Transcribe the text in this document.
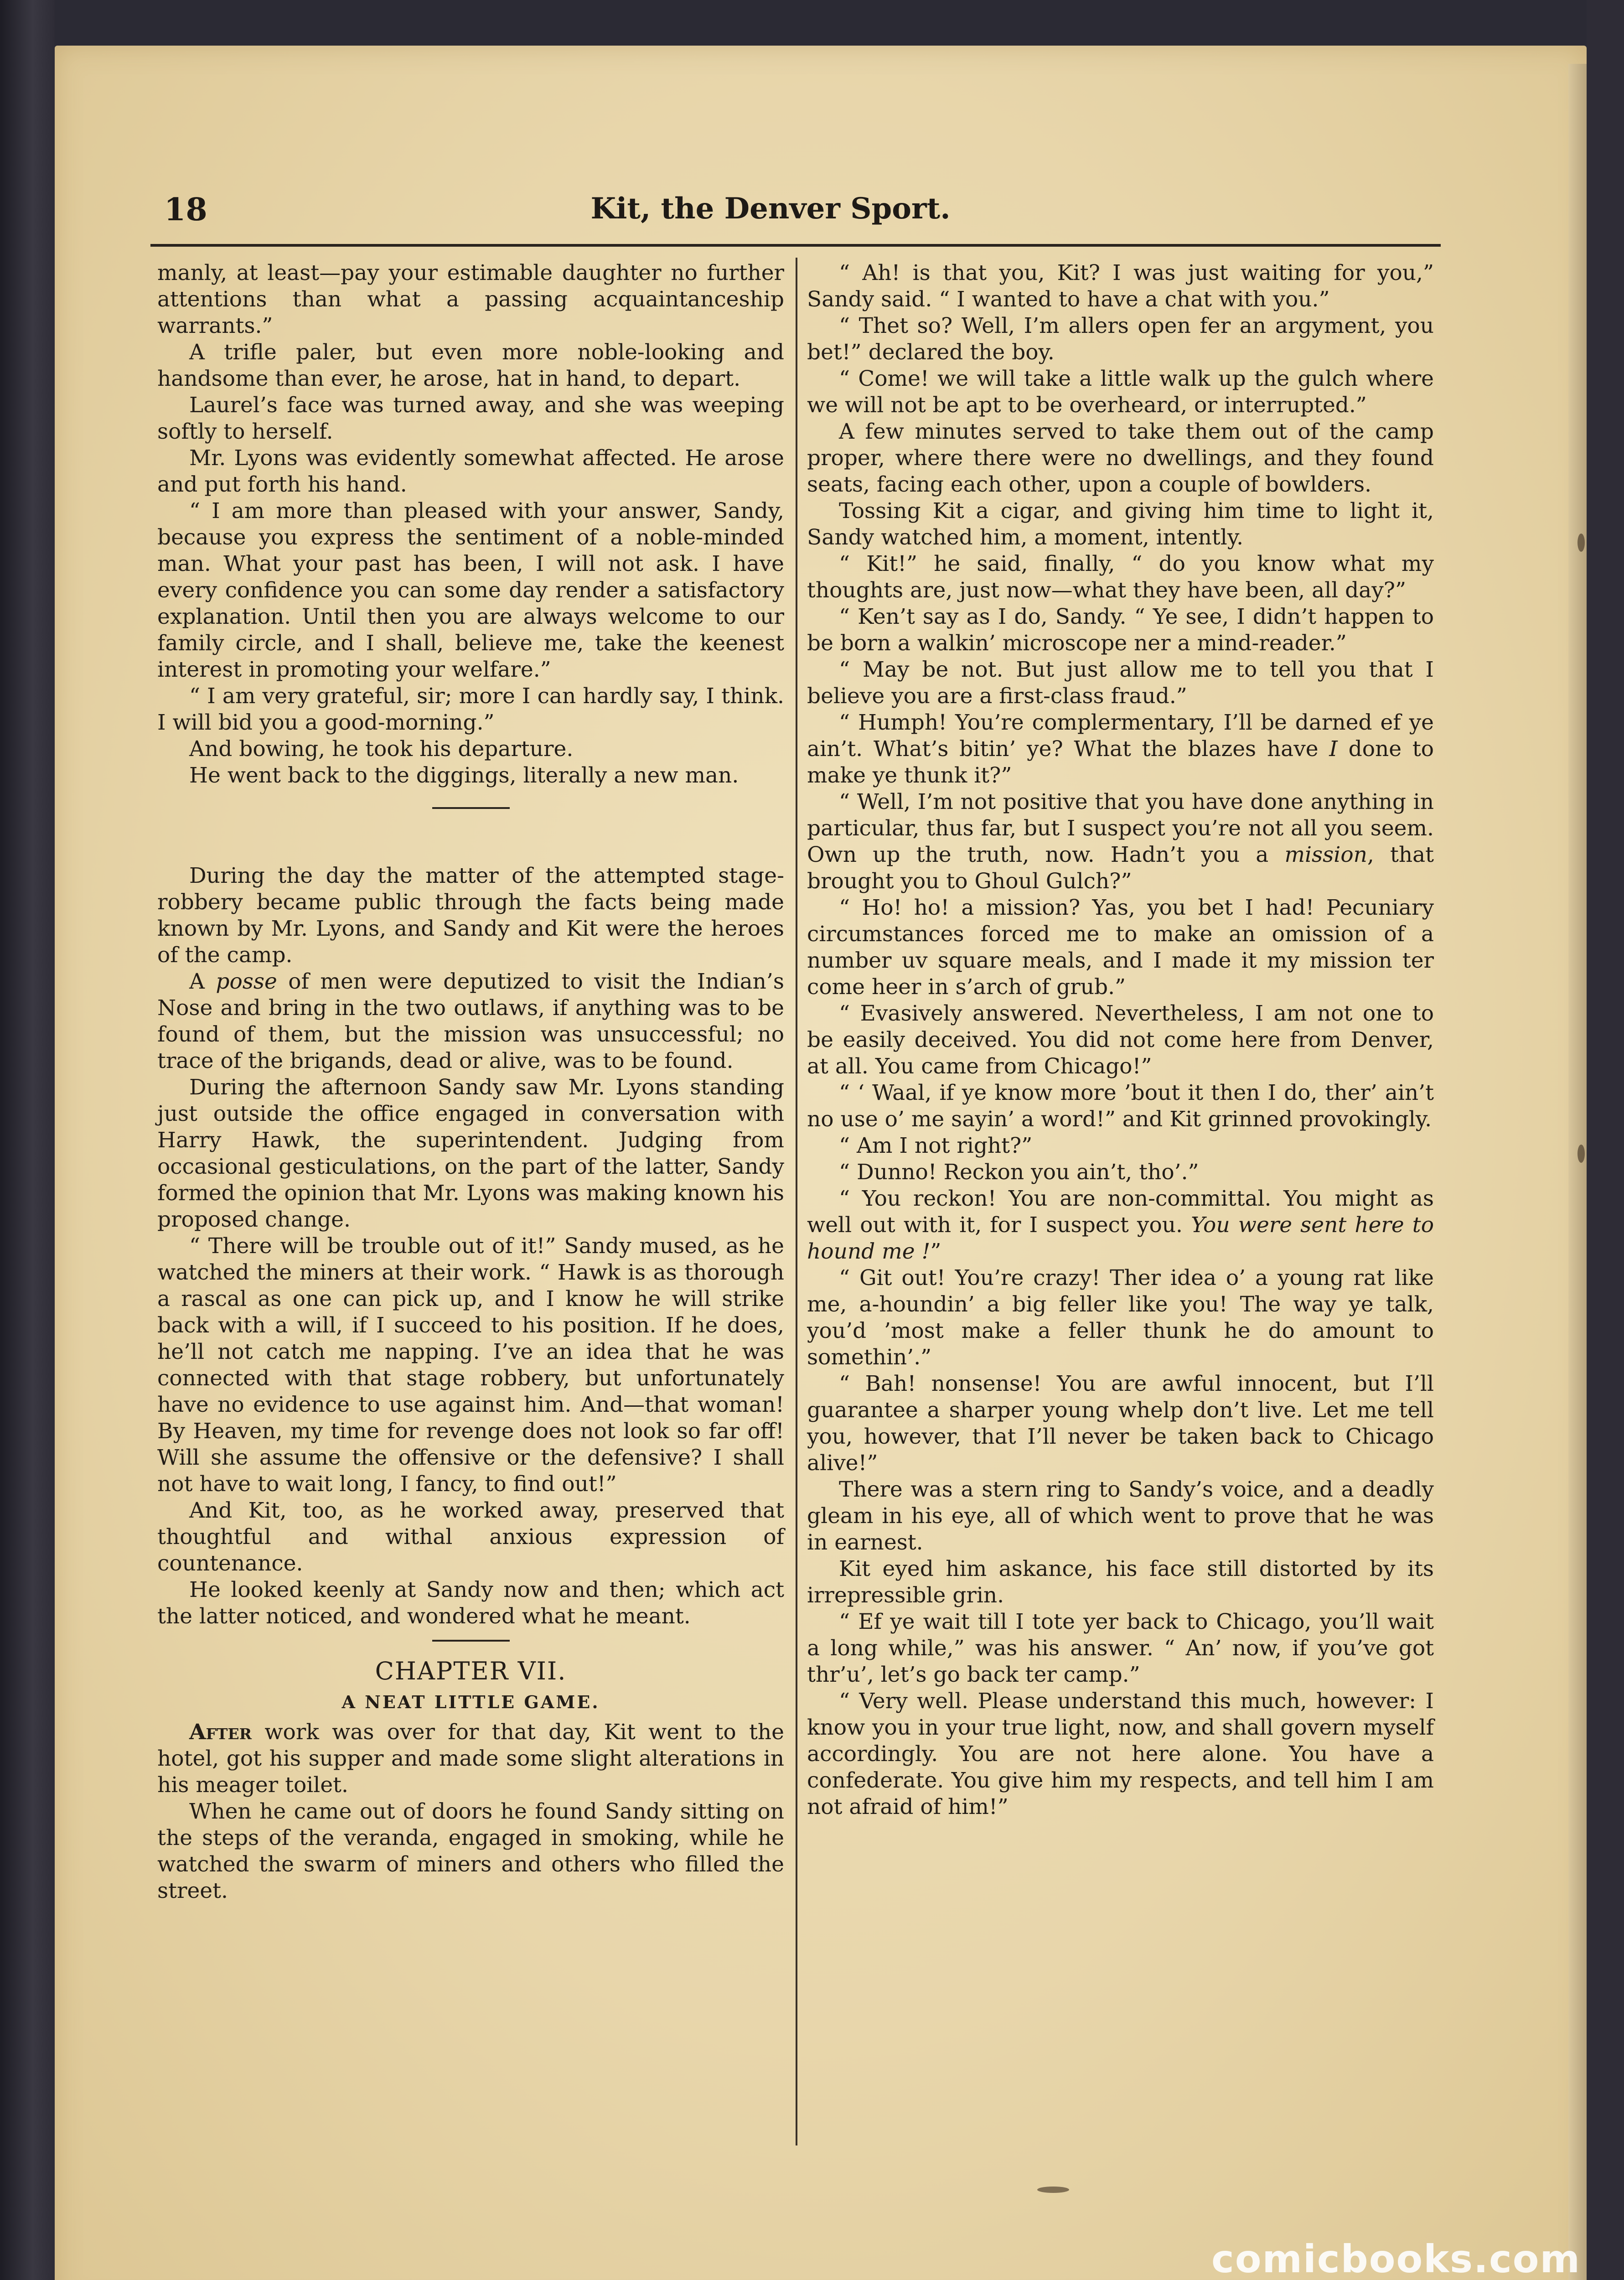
18	Kit, the Denver Sport.

manly, at least—pay your estimable daughter no further attentions than what a passing acquaintanceship warrants.”

A trifle paler, but even more noble-looking and handsome than ever, he arose, hat in hand, to depart.

Laurel’s face was turned away, and she was weeping softly to herself.

Mr. Lyons was evidently somewhat affected. He arose and put forth his hand.

“ I am more than pleased with your answer, Sandy, because you express the sentiment of a noble-minded man. What your past has been, I will not ask. I have every confidence you can some day render a satisfactory explanation. Until then you are always welcome to our family circle, and I shall, believe me, take the keenest interest in promoting your welfare.”

“ I am very grateful, sir; more I can hardly say, I think. I will bid you a good-morning.”

And bowing, he took his departure.

He went back to the diggings, literally a new man.

During the day the matter of the attempted stage-robbery became public through the facts being made known by Mr. Lyons, and Sandy and Kit were the heroes of the camp.

A posse of men were deputized to visit the Indian’s Nose and bring in the two outlaws, if anything was to be found of them, but the mission was unsuccessful; no trace of the brigands, dead or alive, was to be found.

During the afternoon Sandy saw Mr. Lyons standing just outside the office engaged in conversation with Harry Hawk, the superintendent. Judging from occasional gesticulations, on the part of the latter, Sandy formed the opinion that Mr. Lyons was making known his proposed change.

“ There will be trouble out of it!” Sandy mused, as he watched the miners at their work. “ Hawk is as thorough a rascal as one can pick up, and I know he will strike back with a will, if I succeed to his position. If he does, he’ll not catch me napping. I’ve an idea that he was connected with that stage robbery, but unfortunately have no evidence to use against him. And—that woman! By Heaven, my time for revenge does not look so far off! Will she assume the offensive or the defensive? I shall not have to wait long, I fancy, to find out!”

And Kit, too, as he worked away, preserved that thoughtful and withal anxious expression of countenance.

He looked keenly at Sandy now and then; which act the latter noticed, and wondered what he meant.

CHAPTER VII.
A NEAT LITTLE GAME.

After work was over for that day, Kit went to the hotel, got his supper and made some slight alterations in his meager toilet.

When he came out of doors he found Sandy sitting on the steps of the veranda, engaged in smoking, while he watched the swarm of miners and others who filled the street.

“ Ah! is that you, Kit? I was just waiting for you,” Sandy said. “ I wanted to have a chat with you.”

“ Thet so? Well, I’m allers open fer an argyment, you bet!” declared the boy.

“ Come! we will take a little walk up the gulch where we will not be apt to be overheard, or interrupted.”

A few minutes served to take them out of the camp proper, where there were no dwellings, and they found seats, facing each other, upon a couple of bowlders.

Tossing Kit a cigar, and giving him time to light it, Sandy watched him, a moment, intently.

“ Kit!” he said, finally, “ do you know what my thoughts are, just now—what they have been, all day?”

“ Ken’t say as I do, Sandy. “ Ye see, I didn’t happen to be born a walkin’ microscope ner a mind-reader.”

“ May be not. But just allow me to tell you that I believe you are a first-class fraud.”

“ Humph! You’re complermentary, I’ll be darned ef ye ain’t. What’s bitin’ ye? What the blazes have I done to make ye thunk it?”

“ Well, I’m not positive that you have done anything in particular, thus far, but I suspect you’re not all you seem. Own up the truth, now. Hadn’t you a mission, that brought you to Ghoul Gulch?”

“ Ho! ho! a mission? Yas, you bet I had! Pecuniary circumstances forced me to make an omission of a number uv square meals, and I made it my mission ter come heer in s’arch of grub.”

“ Evasively answered. Nevertheless, I am not one to be easily deceived. You did not come here from Denver, at all. You came from Chicago!”

“ ‘ Waal, if ye know more ’bout it then I do, ther’ ain’t no use o’ me sayin’ a word!” and Kit grinned provokingly.

“ Am I not right?”

“ Dunno! Reckon you ain’t, tho’.”

“ You reckon! You are non-committal. You might as well out with it, for I suspect you. You were sent here to hound me !”

“ Git out! You’re crazy! Ther idea o’ a young rat like me, a-houndin’ a big feller like you! The way ye talk, you’d ’most make a feller thunk he do amount to somethin’.”

“ Bah! nonsense! You are awful innocent, but I’ll guarantee a sharper young whelp don’t live. Let me tell you, however, that I’ll never be taken back to Chicago alive!”

There was a stern ring to Sandy’s voice, and a deadly gleam in his eye, all of which went to prove that he was in earnest.

Kit eyed him askance, his face still distorted by its irrepressible grin.

“ Ef ye wait till I tote yer back to Chicago, you’ll wait a long while,” was his answer. “ An’ now, if you’ve got thr’u’, let’s go back ter camp.”

“ Very well. Please understand this much, however: I know you in your true light, now, and shall govern myself accordingly. You are not here alone. You have a confederate. You give him my respects, and tell him I am not afraid of him!”

comicbooks.com
